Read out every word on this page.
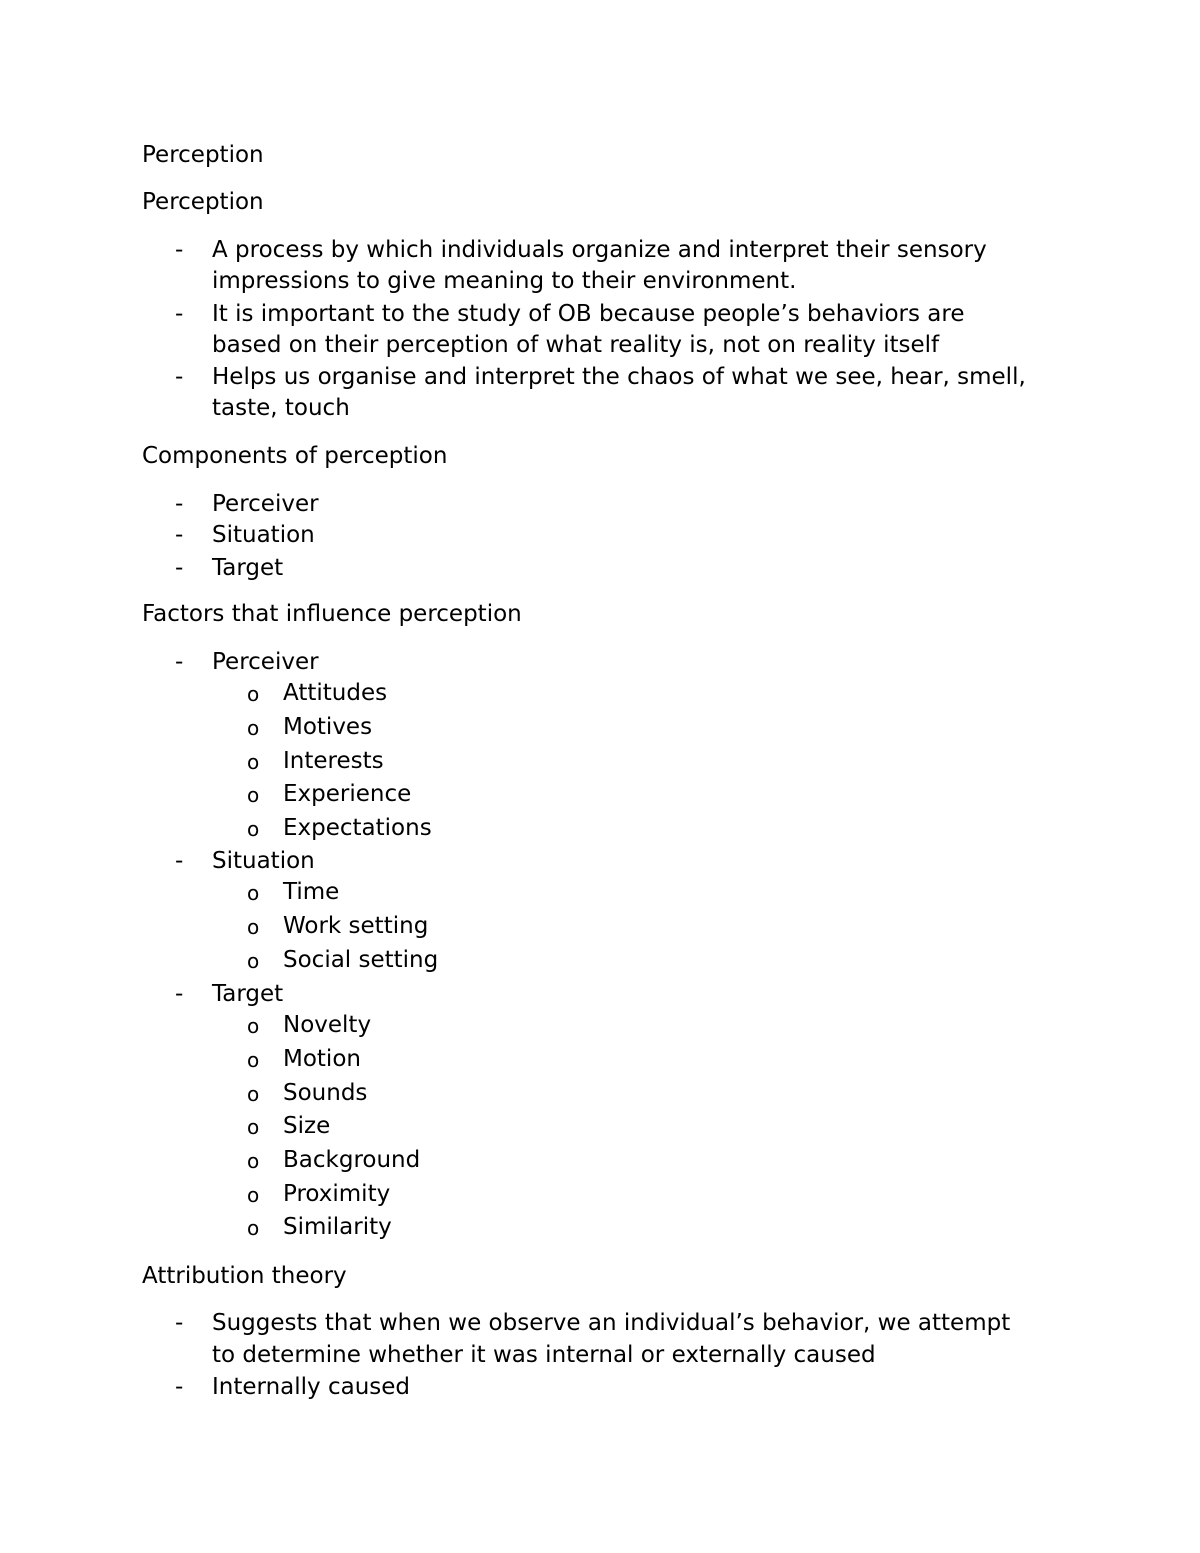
Perception
Perception
- A process by which individuals organize and interpret their sensory
impressions to give meaning to their environment.
- It is important to the study of OB because people’s behaviors are
based on their perception of what reality is, not on reality itself
- Helps us organise and interpret the chaos of what we see, hear, smell,
taste, touch
Components of perception
- Perceiver
- Situation
- Target
Factors that influence perception
- Perceiver
o Attitudes
o Motives
o Interests
o Experience
o Expectations
- Situation
o Time
o Work setting
o Social setting
- Target
o Novelty
o Motion
o Sounds
o Size
o Background
o Proximity
o Similarity
Attribution theory
- Suggests that when we observe an individual’s behavior, we attempt
to determine whether it was internal or externally caused
- Internally caused
